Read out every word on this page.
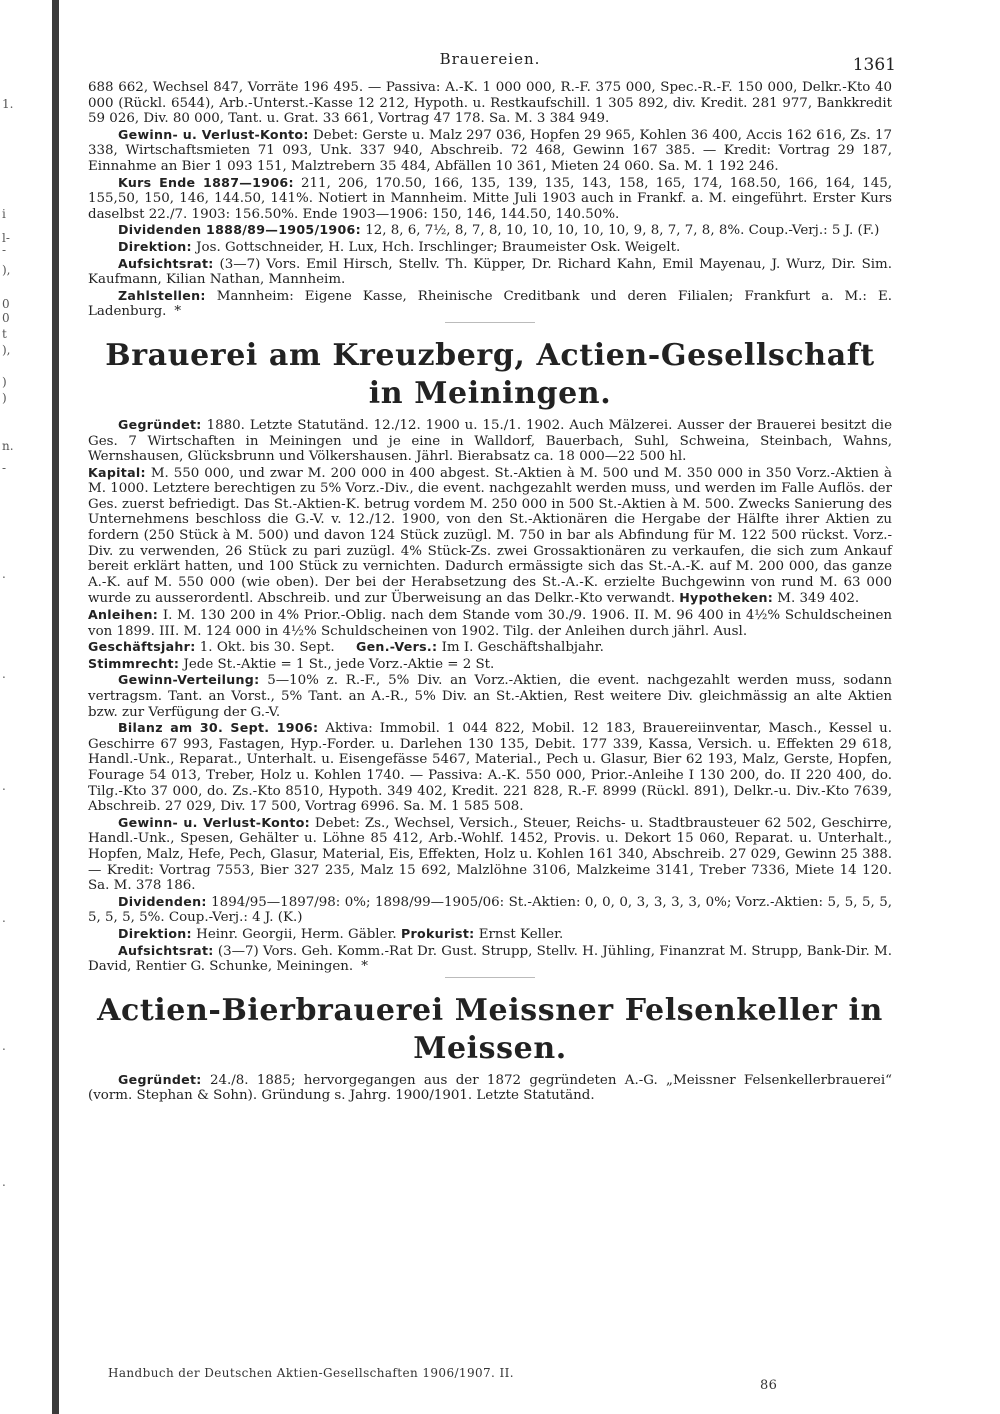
1.
i
l-
-
),
0
0
t
),
)
)
n.
-
.
.
.
.
.
.
Brauereien.	1361

688 662, Wechsel 847, Vorräte 196 495. — Passiva: A.-K. 1 000 000, R.-F. 375 000, Spec.-R.-F. 150 000, Delkr.-Kto 40 000 (Rückl. 6544), Arb.-Unterst.-Kasse 12 212, Hypoth. u. Restkaufschill. 1 305 892, div. Kredit. 281 977, Bankkredit 59 026, Div. 80 000, Tant. u. Grat. 33 661, Vortrag 47 178. Sa. M. 3 384 949.

Gewinn- u. Verlust-Konto: Debet: Gerste u. Malz 297 036, Hopfen 29 965, Kohlen 36 400, Accis 162 616, Zs. 17 338, Wirtschaftsmieten 71 093, Unk. 337 940, Abschreib. 72 468, Gewinn 167 385. — Kredit: Vortrag 29 187, Einnahme an Bier 1 093 151, Malztrebern 35 484, Abfällen 10 361, Mieten 24 060. Sa. M. 1 192 246.

Kurs Ende 1887—1906: 211, 206, 170.50, 166, 135, 139, 135, 143, 158, 165, 174, 168.50, 166, 164, 145, 155,50, 150, 146, 144.50, 141%. Notiert in Mannheim. Mitte Juli 1903 auch in Frankf. a. M. eingeführt. Erster Kurs daselbst 22./7. 1903: 156.50%. Ende 1903—1906: 150, 146, 144.50, 140.50%.

Dividenden 1888/89—1905/1906: 12, 8, 6, 7½, 8, 7, 8, 10, 10, 10, 10, 10, 9, 8, 7, 7, 8, 8%. Coup.-Verj.: 5 J. (F.)

Direktion: Jos. Gottschneider, H. Lux, Hch. Irschlinger; Braumeister Osk. Weigelt.

Aufsichtsrat: (3—7) Vors. Emil Hirsch, Stellv. Th. Küpper, Dr. Richard Kahn, Emil Mayenau, J. Wurz, Dir. Sim. Kaufmann, Kilian Nathan, Mannheim.

Zahlstellen: Mannheim: Eigene Kasse, Rheinische Creditbank und deren Filialen; Frankfurt a. M.: E. Ladenburg. *

Brauerei am Kreuzberg, Actien-Gesellschaft in Meiningen.

Gegründet: 1880. Letzte Statutänd. 12./12. 1900 u. 15./1. 1902. Auch Mälzerei. Ausser der Brauerei besitzt die Ges. 7 Wirtschaften in Meiningen und je eine in Walldorf, Bauerbach, Suhl, Schweina, Steinbach, Wahns, Wernshausen, Glücksbrunn und Völkershausen. Jährl. Bierabsatz ca. 18 000—22 500 hl.

Kapital: M. 550 000, und zwar M. 200 000 in 400 abgest. St.-Aktien à M. 500 und M. 350 000 in 350 Vorz.-Aktien à M. 1000. Letztere berechtigen zu 5% Vorz.-Div., die event. nachgezahlt werden muss, und werden im Falle Auflös. der Ges. zuerst befriedigt. Das St.-Aktien-K. betrug vordem M. 250 000 in 500 St.-Aktien à M. 500. Zwecks Sanierung des Unternehmens beschloss die G.-V. v. 12./12. 1900, von den St.-Aktionären die Hergabe der Hälfte ihrer Aktien zu fordern (250 Stück à M. 500) und davon 124 Stück zuzügl. M. 750 in bar als Abfindung für M. 122 500 rückst. Vorz.-Div. zu verwenden, 26 Stück zu pari zuzügl. 4% Stück-Zs. zwei Grossaktionären zu verkaufen, die sich zum Ankauf bereit erklärt hatten, und 100 Stück zu vernichten. Dadurch ermässigte sich das St.-A.-K. auf M. 200 000, das ganze A.-K. auf M. 550 000 (wie oben). Der bei der Herabsetzung des St.-A.-K. erzielte Buchgewinn von rund M. 63 000 wurde zu ausserordentl. Abschreib. und zur Überweisung an das Delkr.-Kto verwandt. Hypotheken: M. 349 402.

Anleihen: I. M. 130 200 in 4% Prior.-Oblig. nach dem Stande vom 30./9. 1906. II. M. 96 400 in 4½% Schuldscheinen von 1899. III. M. 124 000 in 4½% Schuldscheinen von 1902. Tilg. der Anleihen durch jährl. Ausl.

Geschäftsjahr: 1. Okt. bis 30. Sept. Gen.-Vers.: Im I. Geschäftshalbjahr.

Stimmrecht: Jede St.-Aktie = 1 St., jede Vorz.-Aktie = 2 St.

Gewinn-Verteilung: 5—10% z. R.-F., 5% Div. an Vorz.-Aktien, die event. nachgezahlt werden muss, sodann vertragsm. Tant. an Vorst., 5% Tant. an A.-R., 5% Div. an St.-Aktien, Rest weitere Div. gleichmässig an alte Aktien bzw. zur Verfügung der G.-V.

Bilanz am 30. Sept. 1906: Aktiva: Immobil. 1 044 822, Mobil. 12 183, Brauereiinventar, Masch., Kessel u. Geschirre 67 993, Fastagen, Hyp.-Forder. u. Darlehen 130 135, Debit. 177 339, Kassa, Versich. u. Effekten 29 618, Handl.-Unk., Reparat., Unterhalt. u. Eisengefässe 5467, Material., Pech u. Glasur, Bier 62 193, Malz, Gerste, Hopfen, Fourage 54 013, Treber, Holz u. Kohlen 1740. — Passiva: A.-K. 550 000, Prior.-Anleihe I 130 200, do. II 220 400, do. Tilg.-Kto 37 000, do. Zs.-Kto 8510, Hypoth. 349 402, Kredit. 221 828, R.-F. 8999 (Rückl. 891), Delkr.-u. Div.-Kto 7639, Abschreib. 27 029, Div. 17 500, Vortrag 6996. Sa. M. 1 585 508.

Gewinn- u. Verlust-Konto: Debet: Zs., Wechsel, Versich., Steuer, Reichs- u. Stadtbrausteuer 62 502, Geschirre, Handl.-Unk., Spesen, Gehälter u. Löhne 85 412, Arb.-Wohlf. 1452, Provis. u. Dekort 15 060, Reparat. u. Unterhalt., Hopfen, Malz, Hefe, Pech, Glasur, Material, Eis, Effekten, Holz u. Kohlen 161 340, Abschreib. 27 029, Gewinn 25 388. — Kredit: Vortrag 7553, Bier 327 235, Malz 15 692, Malzlöhne 3106, Malzkeime 3141, Treber 7336, Miete 14 120. Sa. M. 378 186.

Dividenden: 1894/95—1897/98: 0%; 1898/99—1905/06: St.-Aktien: 0, 0, 0, 3, 3, 3, 3, 0%; Vorz.-Aktien: 5, 5, 5, 5, 5, 5, 5, 5%. Coup.-Verj.: 4 J. (K.)

Direktion: Heinr. Georgii, Herm. Gäbler. Prokurist: Ernst Keller.

Aufsichtsrat: (3—7) Vors. Geh. Komm.-Rat Dr. Gust. Strupp, Stellv. H. Jühling, Finanzrat M. Strupp, Bank-Dir. M. David, Rentier G. Schunke, Meiningen. *

Actien-Bierbrauerei Meissner Felsenkeller in Meissen.

Gegründet: 24./8. 1885; hervorgegangen aus der 1872 gegründeten A.-G. „Meissner Felsenkellerbrauerei“ (vorm. Stephan & Sohn). Gründung s. Jahrg. 1900/1901. Letzte Statutänd.

Handbuch der Deutschen Aktien-Gesellschaften 1906/1907. II.
86
